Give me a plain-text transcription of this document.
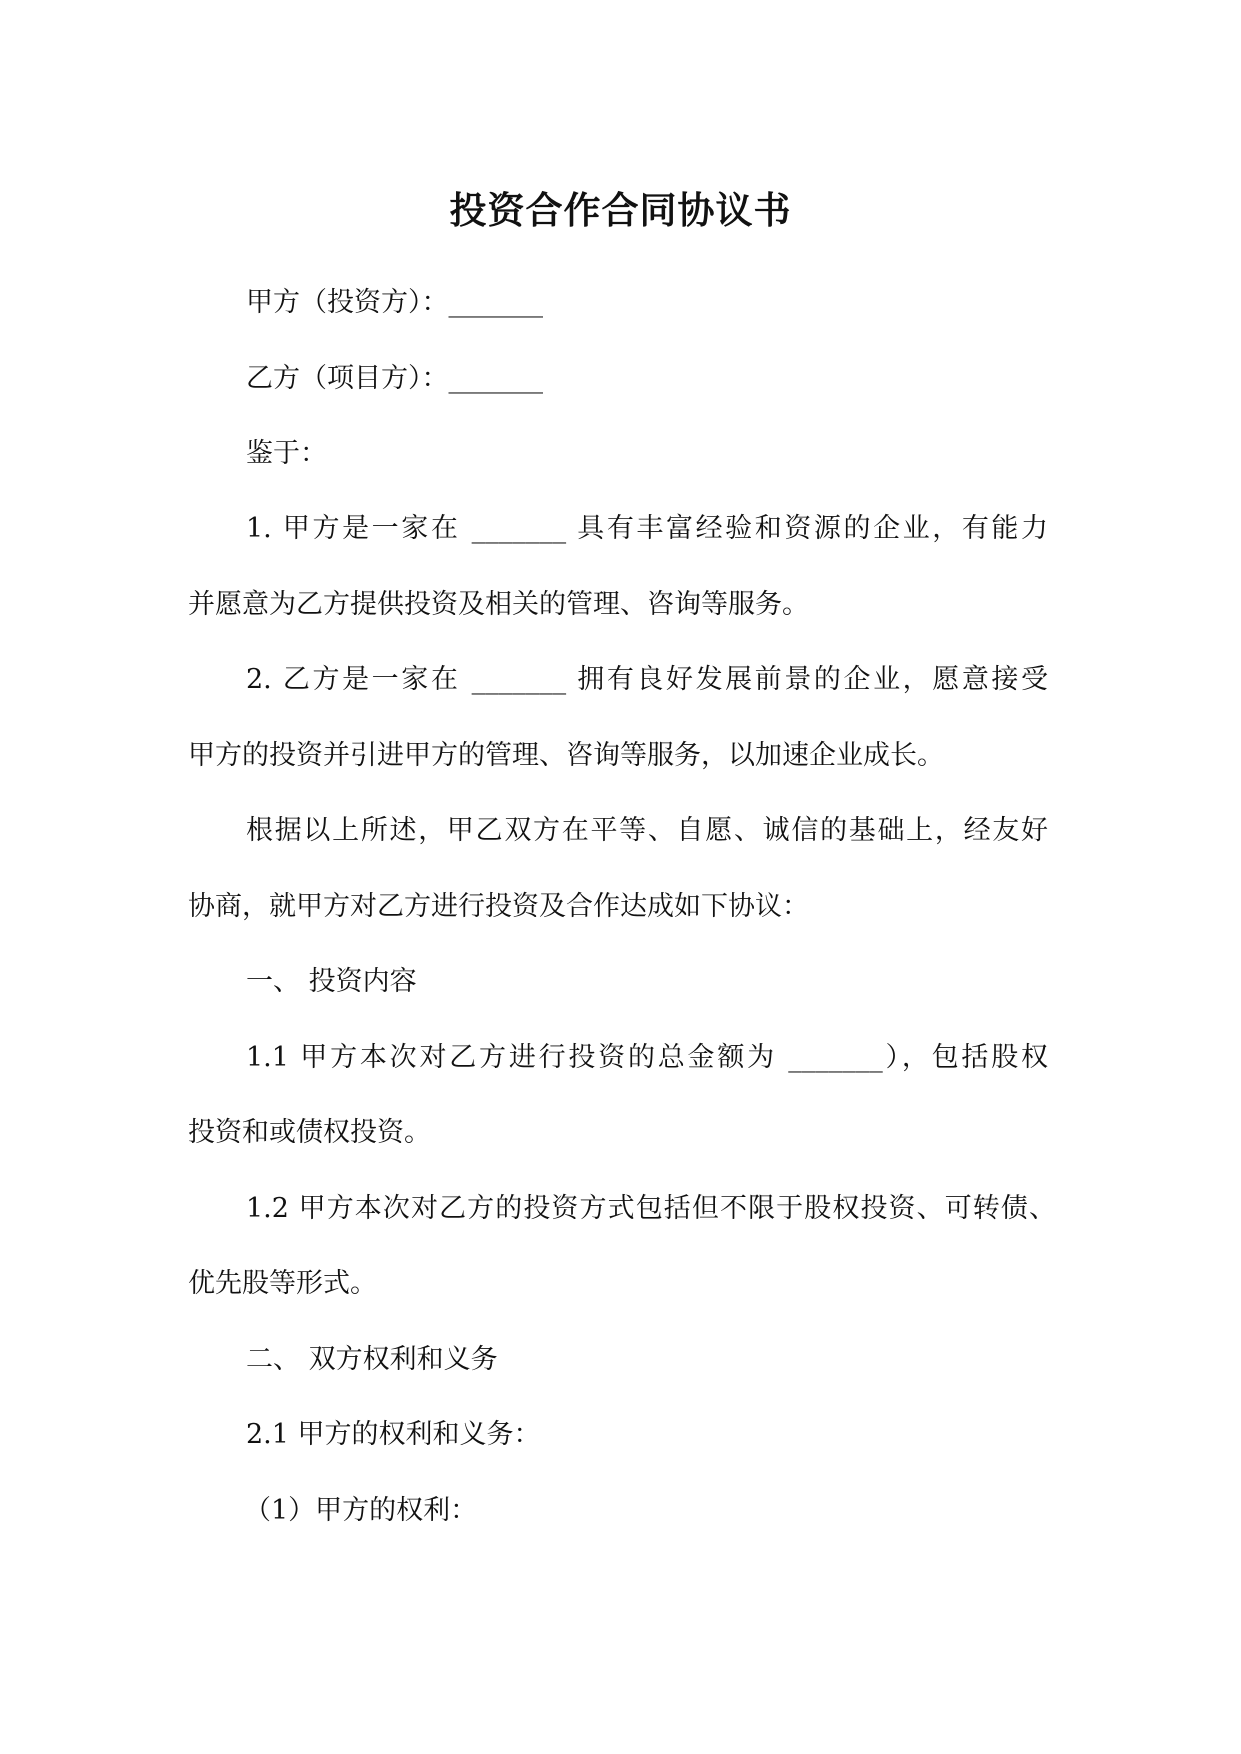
投资合作合同协议书
甲方（投资方）：_______
乙方（项目方）：_______
鉴于：
1. 甲方是一家在 _______ 具有丰富经验和资源的企业，有能力
并愿意为乙方提供投资及相关的管理、咨询等服务。
2. 乙方是一家在 _______ 拥有良好发展前景的企业，愿意接受
甲方的投资并引进甲方的管理、咨询等服务，以加速企业成长。
根据以上所述，甲乙双方在平等、自愿、诚信的基础上，经友好
协商，就甲方对乙方进行投资及合作达成如下协议：
一、 投资内容
1.1 甲方本次对乙方进行投资的总金额为 _______），包括股权
投资和或债权投资。
1.2 甲方本次对乙方的投资方式包括但不限于股权投资、可转债、
优先股等形式。
二、 双方权利和义务
2.1 甲方的权利和义务：
（1）甲方的权利：
